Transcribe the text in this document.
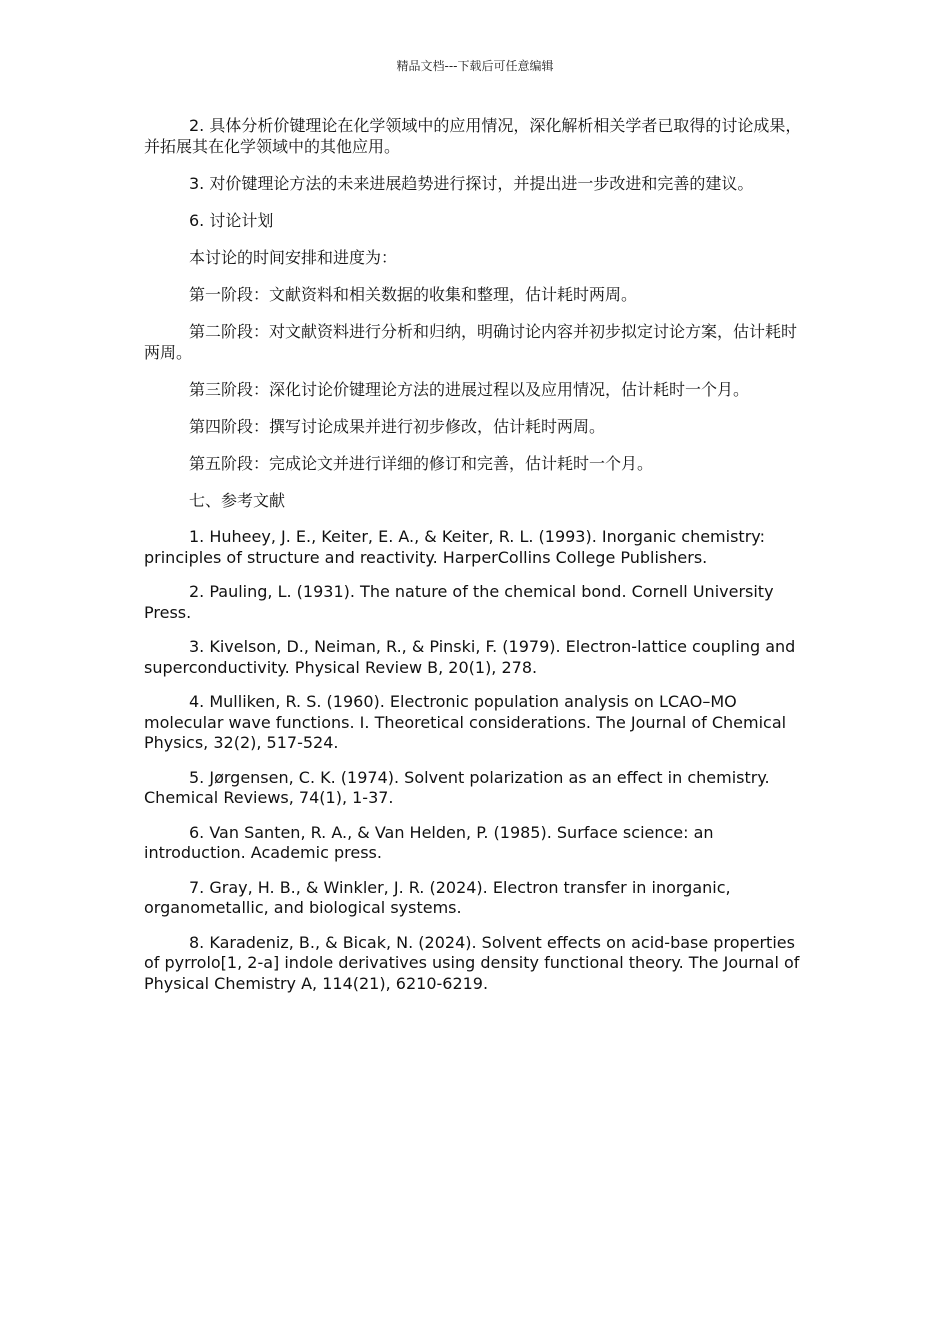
精品文档---下载后可任意编辑

2. 具体分析价键理论在化学领域中的应用情况，深化解析相关学者已取得的讨论成果，并拓展其在化学领域中的其他应用。

3. 对价键理论方法的未来进展趋势进行探讨，并提出进一步改进和完善的建议。

6. 讨论计划

本讨论的时间安排和进度为：

第一阶段：文献资料和相关数据的收集和整理，估计耗时两周。

第二阶段：对文献资料进行分析和归纳，明确讨论内容并初步拟定讨论方案，估计耗时两周。

第三阶段：深化讨论价键理论方法的进展过程以及应用情况，估计耗时一个月。

第四阶段：撰写讨论成果并进行初步修改，估计耗时两周。

第五阶段：完成论文并进行详细的修订和完善，估计耗时一个月。

七、参考文献

1. Huheey, J. E., Keiter, E. A., & Keiter, R. L. (1993). Inorganic chemistry: principles of structure and reactivity. HarperCollins College Publishers.

2. Pauling, L. (1931). The nature of the chemical bond. Cornell University Press.

3. Kivelson, D., Neiman, R., & Pinski, F. (1979). Electron-lattice coupling and superconductivity. Physical Review B, 20(1), 278.

4. Mulliken, R. S. (1960). Electronic population analysis on LCAO–MO molecular wave functions. I. Theoretical considerations. The Journal of Chemical Physics, 32(2), 517-524.

5. Jørgensen, C. K. (1974). Solvent polarization as an effect in chemistry. Chemical Reviews, 74(1), 1-37.

6. Van Santen, R. A., & Van Helden, P. (1985). Surface science: an introduction. Academic press.

7. Gray, H. B., & Winkler, J. R. (2024). Electron transfer in inorganic, organometallic, and biological systems.

8. Karadeniz, B., & Bicak, N. (2024). Solvent effects on acid-base properties of pyrrolo[1, 2-a] indole derivatives using density functional theory. The Journal of Physical Chemistry A, 114(21), 6210-6219.
